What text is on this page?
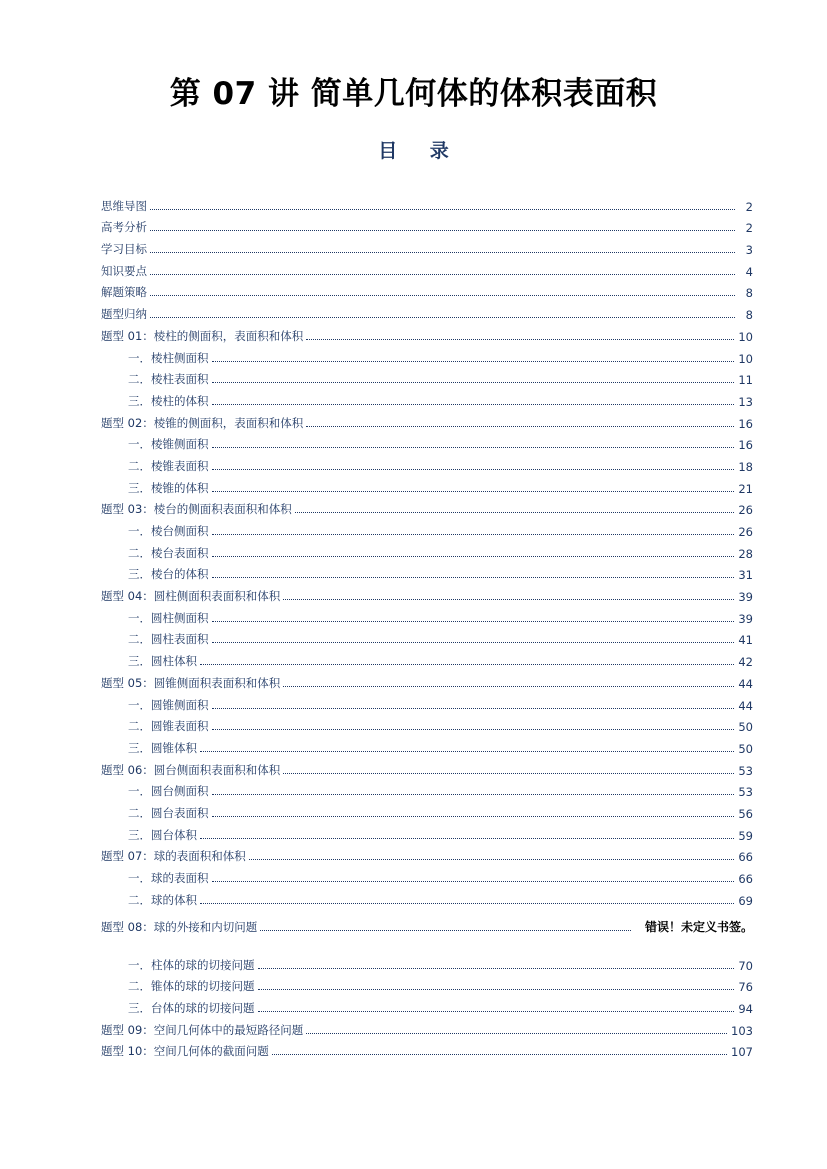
第 07 讲 简单几何体的体积表面积
目 录
思维导图	2
高考分析	2
学习目标	3
知识要点	4
解题策略	8
题型归纳	8
题型 01：棱柱的侧面积，表面积和体积	10
一．棱柱侧面积	10
二．棱柱表面积	11
三．棱柱的体积	13
题型 02：棱锥的侧面积，表面积和体积	16
一．棱锥侧面积	16
二．棱锥表面积	18
三．棱锥的体积	21
题型 03：棱台的侧面积表面积和体积	26
一．棱台侧面积	26
二．棱台表面积	28
三．棱台的体积	31
题型 04：圆柱侧面积表面积和体积	39
一．圆柱侧面积	39
二．圆柱表面积	41
三．圆柱体积	42
题型 05：圆锥侧面积表面积和体积	44
一．圆锥侧面积	44
二．圆锥表面积	50
三．圆锥体积	50
题型 06：圆台侧面积表面积和体积	53
一．圆台侧面积	53
二．圆台表面积	56
三．圆台体积	59
题型 07：球的表面积和体积	66
一．球的表面积	66
二．球的体积	69
题型 08：球的外接和内切问题	错误！未定义书签。
一．柱体的球的切接问题	70
二．锥体的球的切接问题	76
三．台体的球的切接问题	94
题型 09：空间几何体中的最短路径问题	103
题型 10：空间几何体的截面问题	107
